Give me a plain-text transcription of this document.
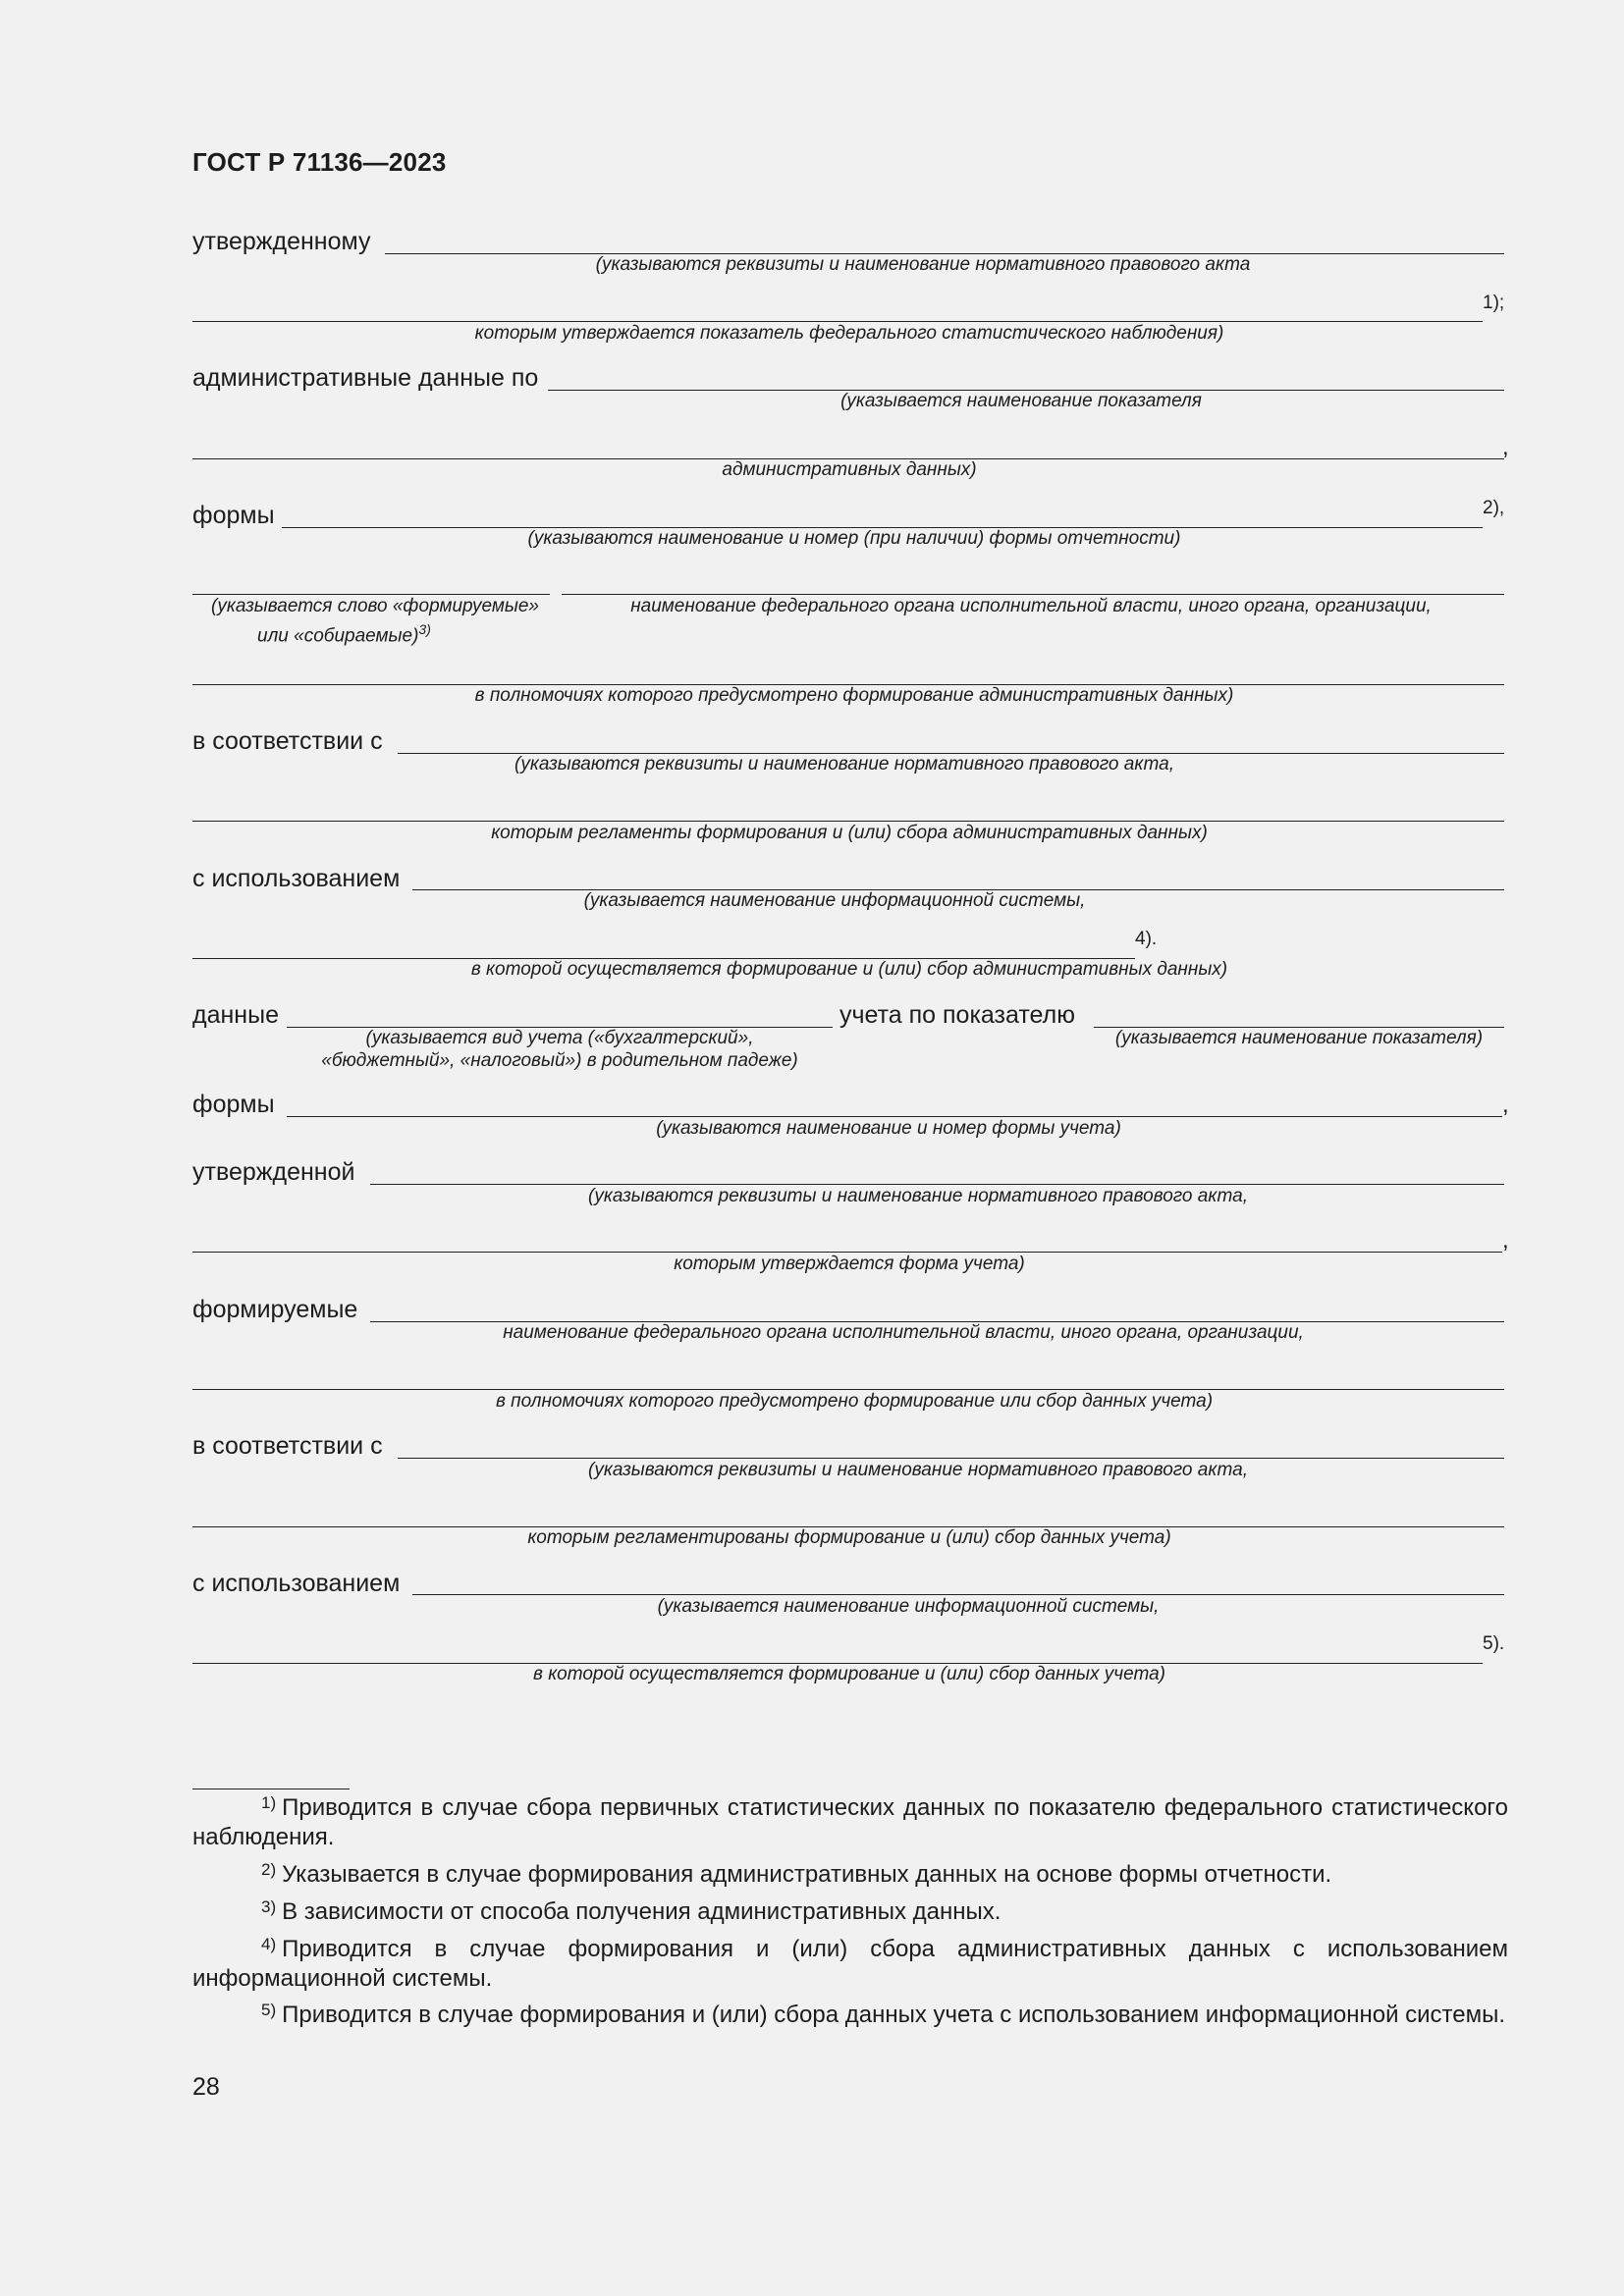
ГОСТ Р 71136—2023
утвержденному
(указываются реквизиты и наименование нормативного правового акта
1);
которым утверждается показатель федерального статистического наблюдения)
административные данные по
(указывается наименование показателя
,
административных данных)
формы	2),
(указываются наименование и номер (при наличии) формы отчетности)
(указывается слово «формируемые»
или «собираемые)$^{3)}$
наименование федерального органа исполнительной власти, иного органа, организации,
в полномочиях которого предусмотрено формирование административных данных)
в соответствии с
(указываются реквизиты и наименование нормативного правового акта,
которым регламенты формирования и (или) сбора административных данных)
с использованием
(указывается наименование информационной системы,
4).
в которой осуществляется формирование и (или) сбор административных данных)
данные	учета по показателю
(указывается вид учета («бухгалтерский»,
«бюджетный», «налоговый») в родительном падеже)
(указывается наименование показателя)
формы	,
(указываются наименование и номер формы учета)
утвержденной
(указываются реквизиты и наименование нормативного правового акта,
,
которым утверждается форма учета)
формируемые
наименование федерального органа исполнительной власти, иного органа, организации,
в полномочиях которого предусмотрено формирование или сбор данных учета)
в соответствии с
(указываются реквизиты и наименование нормативного правового акта,
которым регламентированы формирование и (или) сбор данных учета)
с использованием
(указывается наименование информационной системы,
5).
в которой осуществляется формирование и (или) сбор данных учета)
$^{1)}$ Приводится в случае сбора первичных статистических данных по показателю федерального статистического наблюдения.
$^{2)}$ Указывается в случае формирования административных данных на основе формы отчетности.
$^{3)}$ В зависимости от способа получения административных данных.
$^{4)}$ Приводится в случае формирования и (или) сбора административных данных с использованием информационной системы.
$^{5)}$ Приводится в случае формирования и (или) сбора данных учета с использованием информационной системы.
28
